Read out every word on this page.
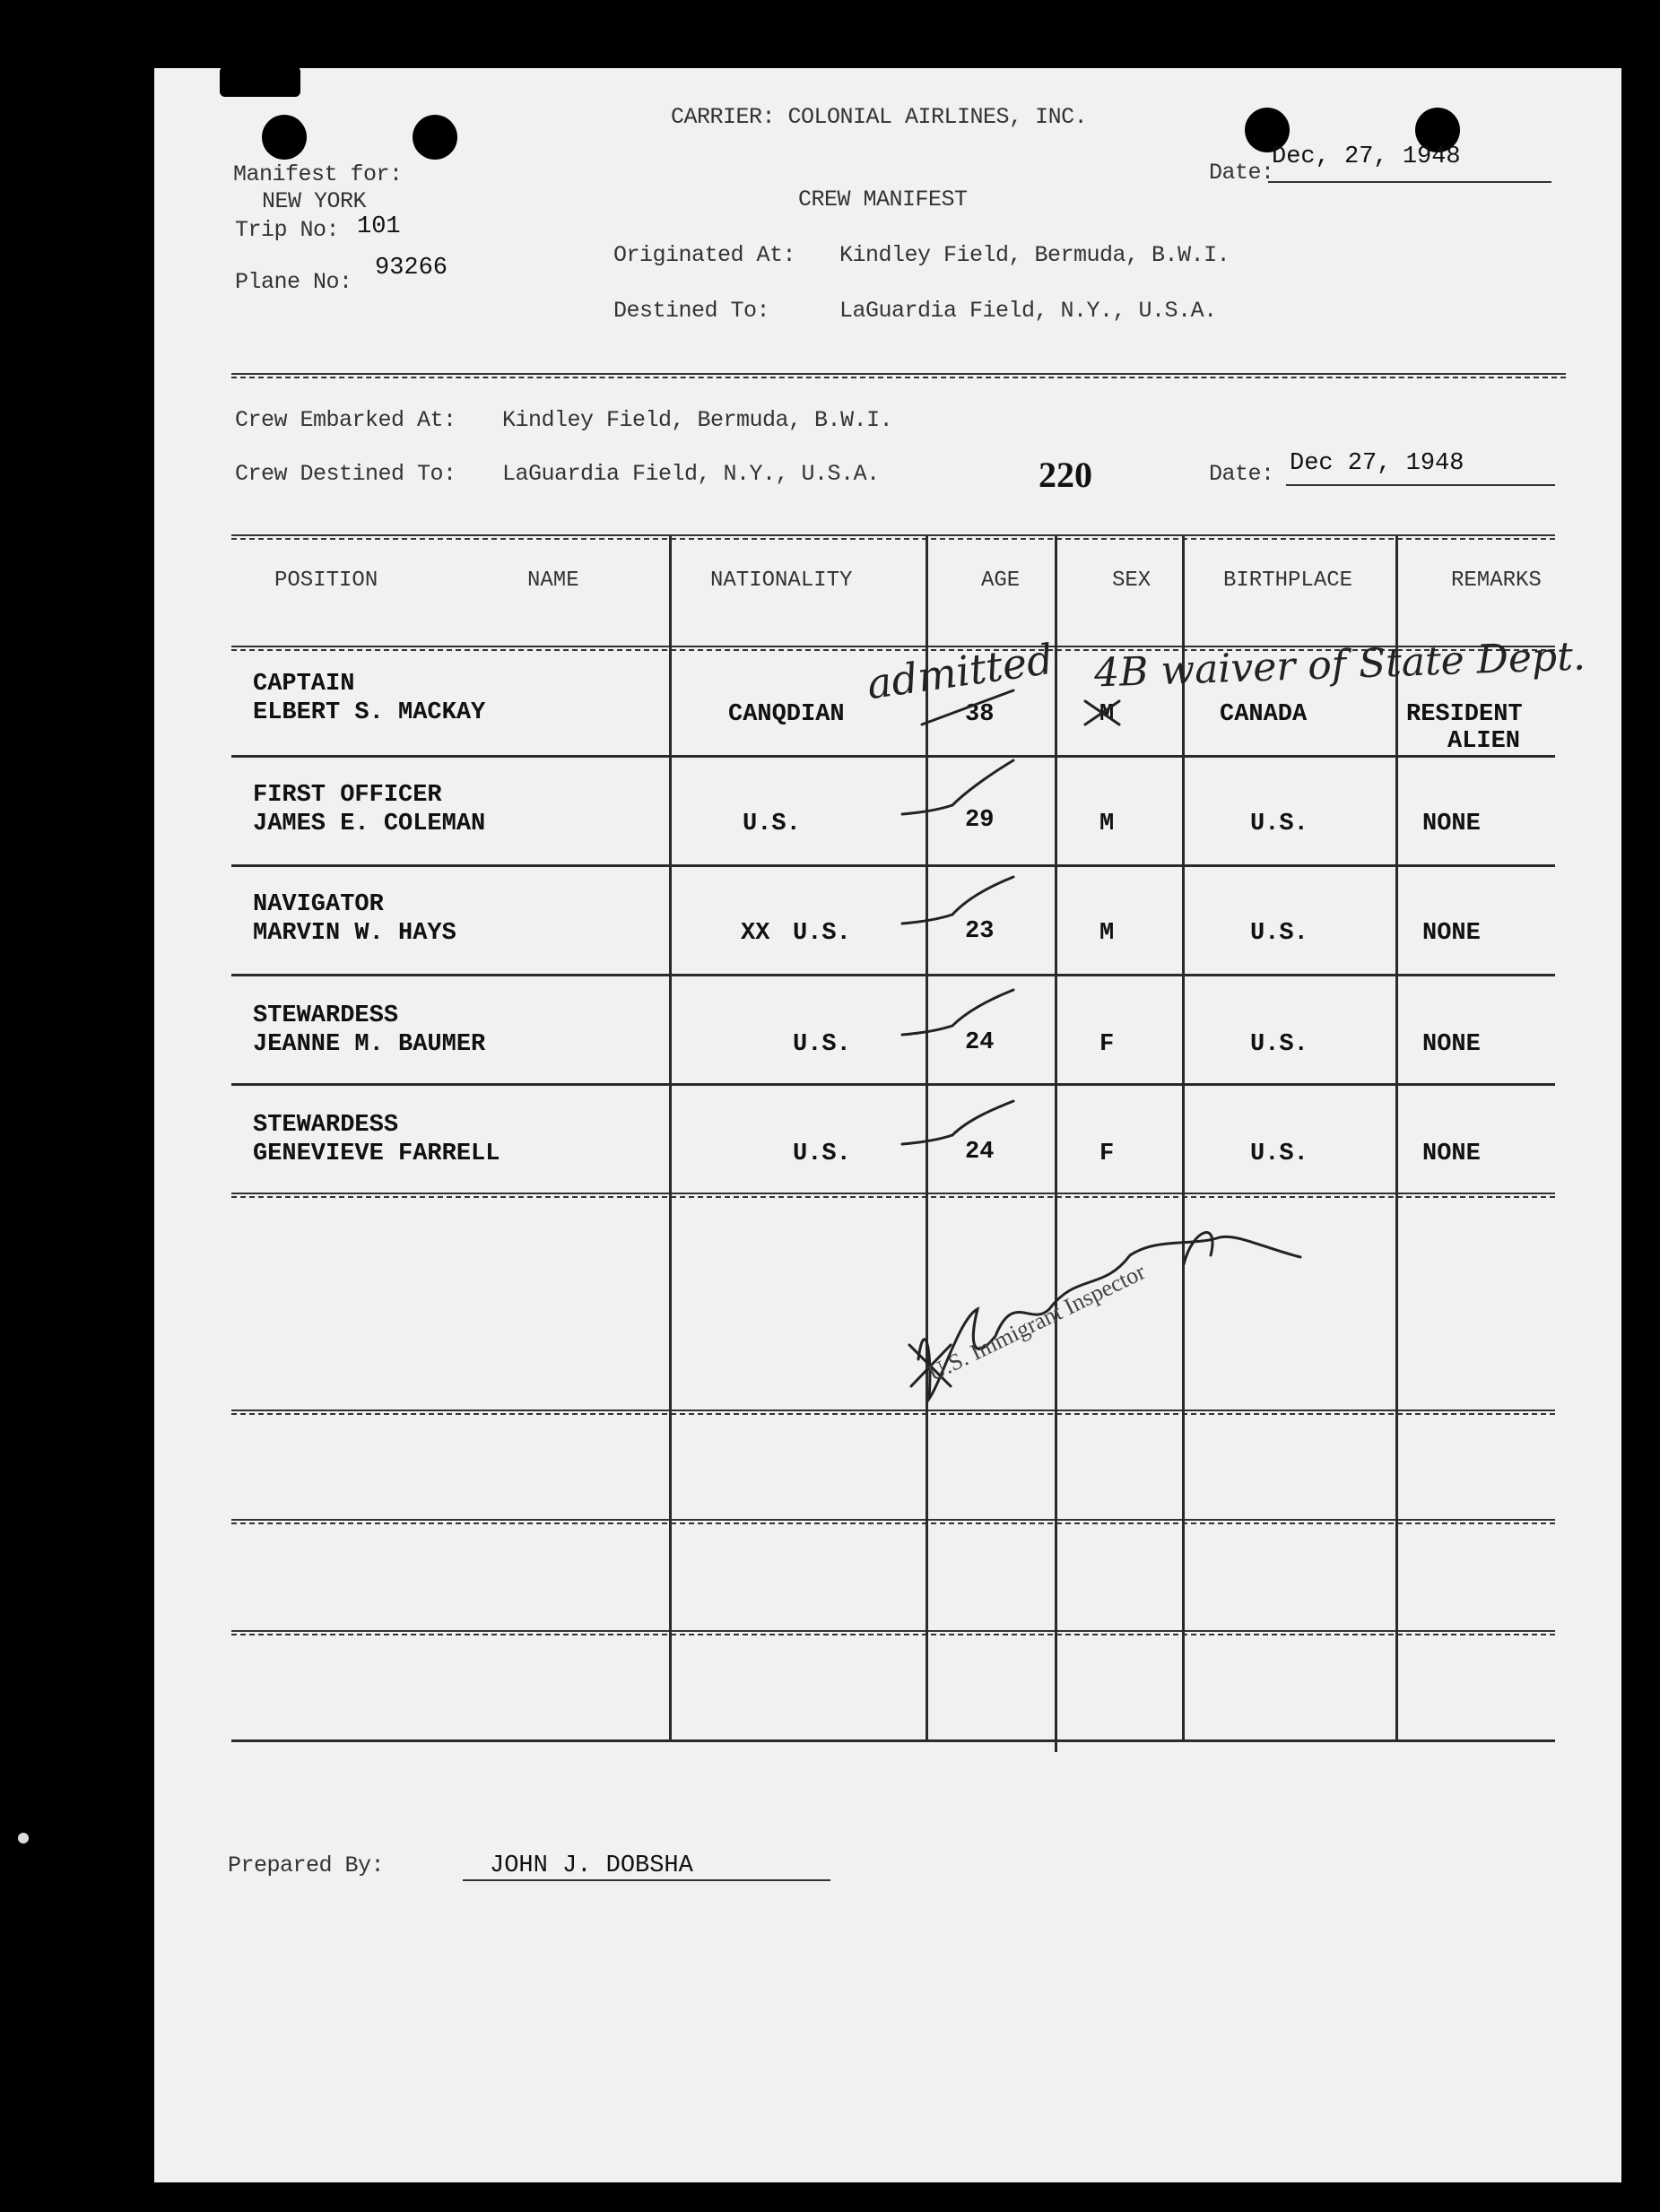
CARRIER: COLONIAL AIRLINES, INC.
CREW MANIFEST
Manifest for:
NEW YORK
Trip No: 101
Plane No:
93266
Date:
Dec, 27, 1948
Originated At: Kindley Field, Bermuda, B.W.I.
Destined To:	LaGuardia Field, N.Y., U.S.A.
Crew Embarked At: Kindley Field, Bermuda, B.W.I.
Crew Destined To: LaGuardia Field, N.Y., U.S.A.	220	Date: Dec 27, 1948
POSITION	NAME	NATIONALITY	AGE	SEX	BIRTHPLACE	REMARKS
CAPTAIN
ELBERT S. MACKAY	CANQDIAN	38	M	CANADA	RESIDENT
ALIEN
FIRST OFFICER
JAMES E. COLEMAN	U.S.	29	M	U.S.	NONE
NAVIGATOR
MARVIN W. HAYS	XX U.S.	23	M	U.S.	NONE
STEWARDESS
JEANNE M. BAUMER	U.S.	24	F	U.S.	NONE
STEWARDESS
GENEVIEVE FARRELL	U.S.	24	F	U.S.	NONE
admitted 4B waiver of State Dept.
U.S. Immigrant Inspector
Prepared By:	JOHN J. DOBSHA
